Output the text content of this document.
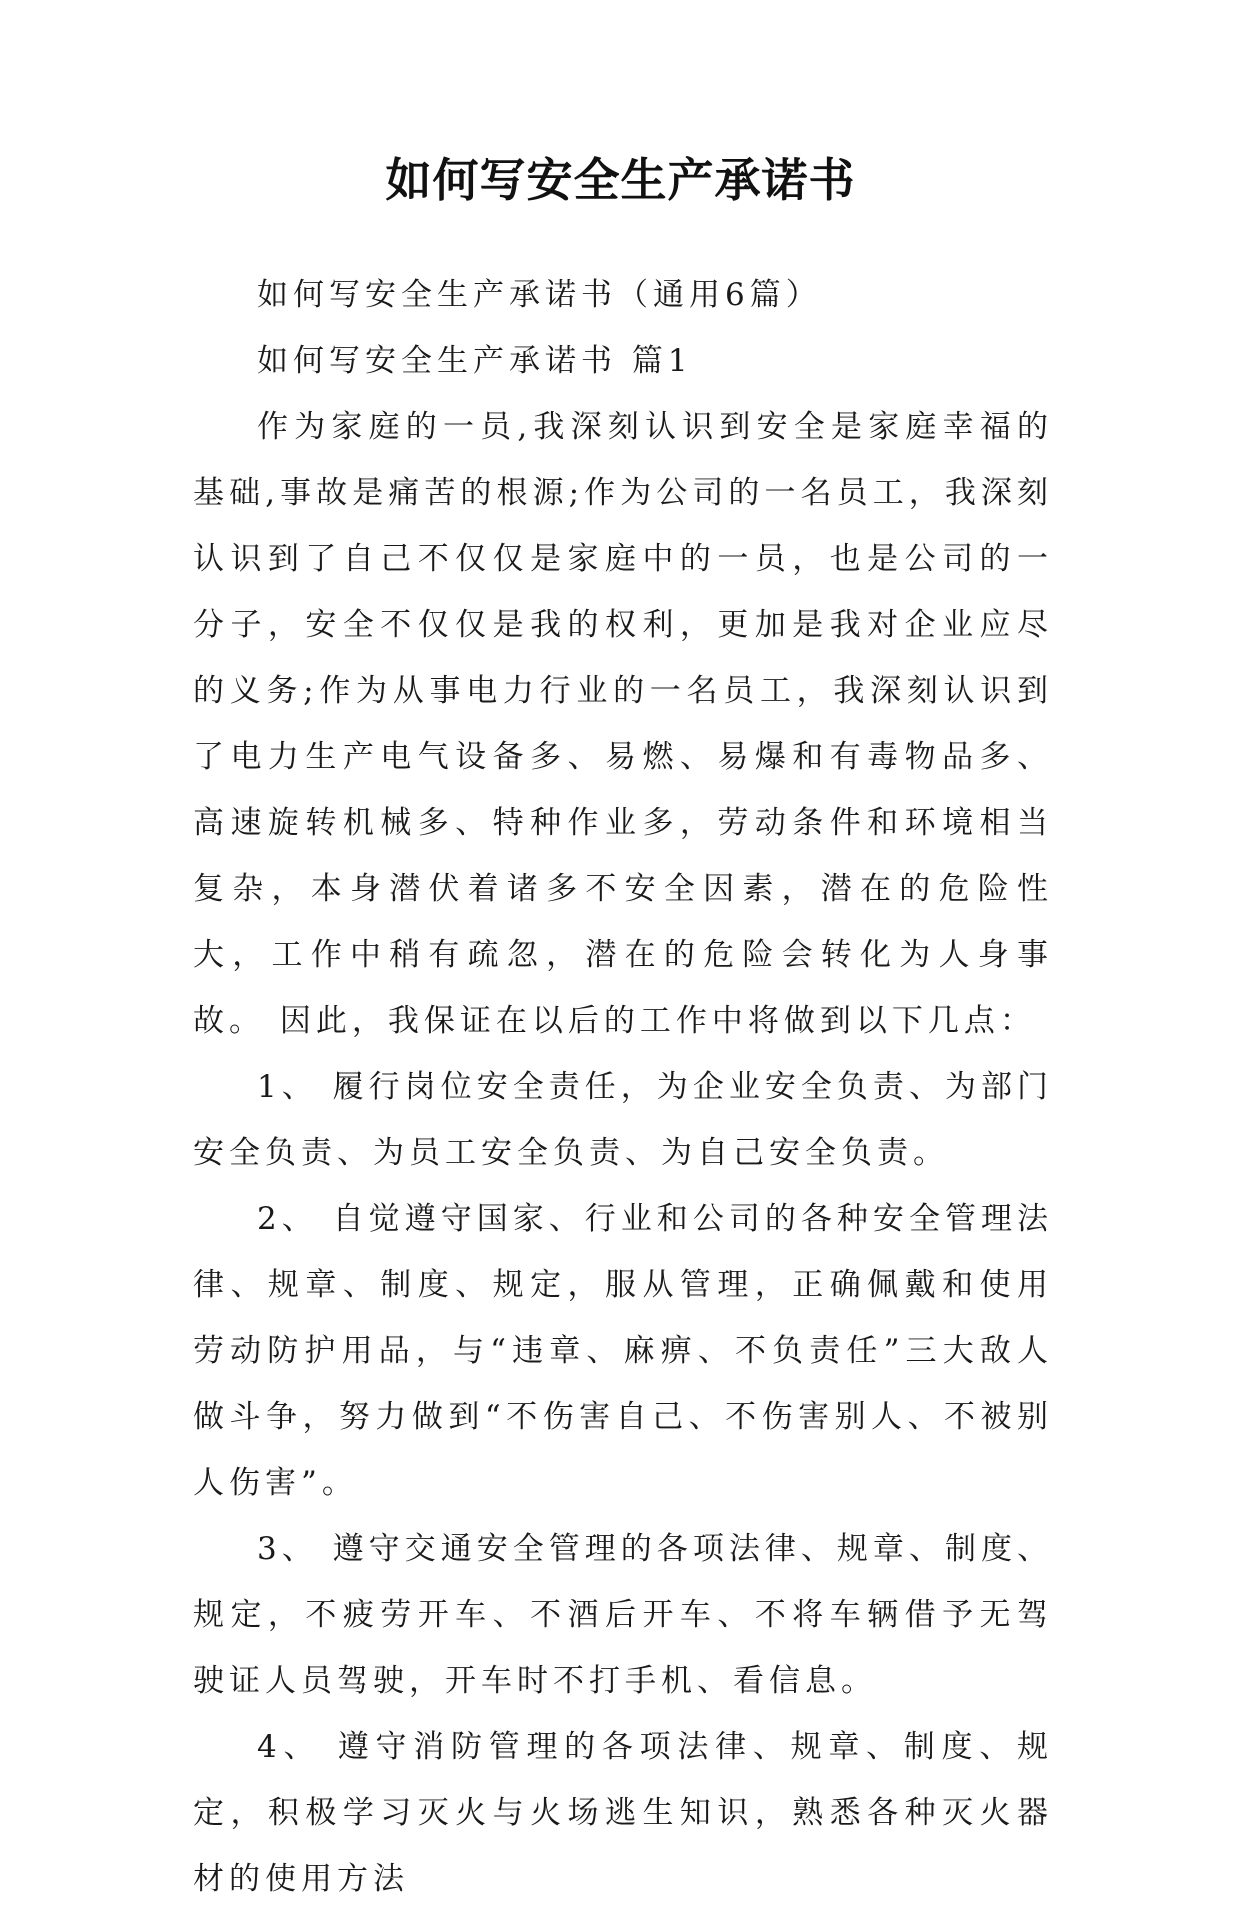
如何写安全生产承诺书

如何写安全生产承诺书（通用6篇）

如何写安全生产承诺书 篇1

作为家庭的一员,我深刻认识到安全是家庭幸福的基础,事故是痛苦的根源;作为公司的一名员工，我深刻认识到了自己不仅仅是家庭中的一员，也是公司的一分子，安全不仅仅是我的权利，更加是我对企业应尽的义务;作为从事电力行业的一名员工，我深刻认识到了电力生产电气设备多、易燃、易爆和有毒物品多、高速旋转机械多、特种作业多，劳动条件和环境相当复杂，本身潜伏着诸多不安全因素，潜在的危险性大，工作中稍有疏忽，潜在的危险会转化为人身事故。 因此，我保证在以后的工作中将做到以下几点：

1、 履行岗位安全责任，为企业安全负责、为部门安全负责、为员工安全负责、为自己安全负责。

2、 自觉遵守国家、行业和公司的各种安全管理法律、规章、制度、规定，服从管理，正确佩戴和使用劳动防护用品，与“违章、麻痹、不负责任”三大敌人做斗争，努力做到“不伤害自己、不伤害别人、不被别人伤害”。

3、 遵守交通安全管理的各项法律、规章、制度、规定，不疲劳开车、不酒后开车、不将车辆借予无驾驶证人员驾驶，开车时不打手机、看信息。

4、 遵守消防管理的各项法律、规章、制度、规定，积极学习灭火与火场逃生知识，熟悉各种灭火器材的使用方法
